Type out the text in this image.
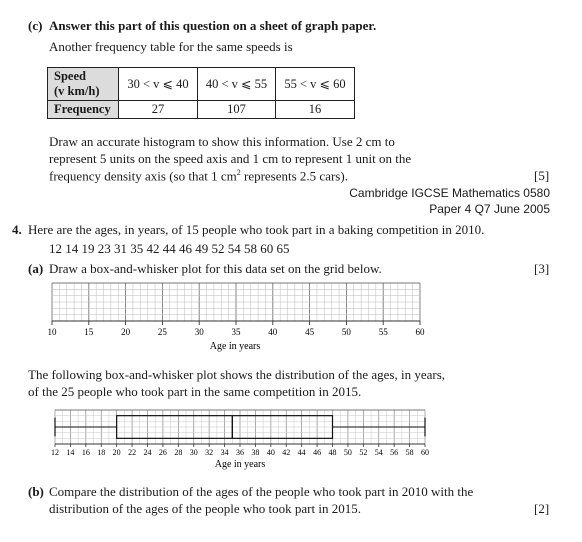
(c) Answer this part of this question on a sheet of graph paper.
Another frequency table for the same speeds is
Speed
(v km/h)	30 < v ⩽ 40	40 < v ⩽ 55	55 < v ⩽ 60
Frequency	27	107	16
Draw an accurate histogram to show this information. Use 2 cm to
represent 5 units on the speed axis and 1 cm to represent 1 unit on the
frequency density axis (so that 1 $cm^2$ represents 2.5 cars).	[5]
Cambridge IGCSE Mathematics 0580
Paper 4 Q7 June 2005
4. Here are the ages, in years, of 15 people who took part in a baking competition in 2010.
12 14 19 23 31 35 42 44 46 49 52 54 58 60 65
(a) Draw a box-and-whisker plot for this data set on the grid below.	[3]
10	15	20	25	30	35	40	45	50	55	60
Age in years
12 14 16 18 20 22 24 26 28 30 32 34 36 38 40 42 44 46 48 50 52 54 56 58 60
Age in years
The following box-and-whisker plot shows the distribution of the ages, in years,
of the 25 people who took part in the same competition in 2015.
(b) Compare the distribution of the ages of the people who took part in 2010 with the
distribution of the ages of the people who took part in 2015.	[2]
